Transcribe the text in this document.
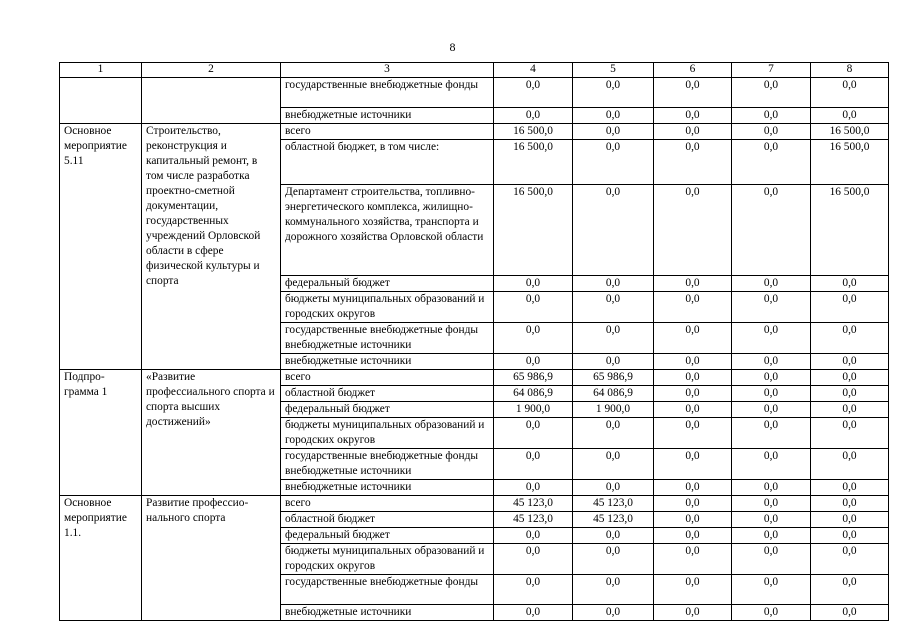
8
1	2	3	4	5	6	7	8
		государственные внебюджетные фонды	0,0	0,0	0,0	0,0	0,0
		внебюджетные источники	0,0	0,0	0,0	0,0	0,0
Основное мероприятие 5.11	Строительство, реконструкция и капитальный ремонт, в том числе разработка проектно-сметной документации, государственных учреждений Орловской области в сфере физической культуры и спорта	всего	16 500,0	0,0	0,0	0,0	16 500,0
		областной бюджет, в том числе:	16 500,0	0,0	0,0	0,0	16 500,0
		Департамент строительства, топливно-энергетического комплекса, жилищно-коммунального хозяйства, транспорта и дорожного хозяйства Орловской области	16 500,0	0,0	0,0	0,0	16 500,0
		федеральный бюджет	0,0	0,0	0,0	0,0	0,0
		бюджеты муниципальных образований и городских округов	0,0	0,0	0,0	0,0	0,0
		государственные внебюджетные фонды внебюджетные источники	0,0	0,0	0,0	0,0	0,0
		внебюджетные источники	0,0	0,0	0,0	0,0	0,0
Подпро-грамма 1	«Развитие профессиального спорта и спорта высших достижений»	всего	65 986,9	65 986,9	0,0	0,0	0,0
		областной бюджет	64 086,9	64 086,9	0,0	0,0	0,0
		федеральный бюджет	1 900,0	1 900,0	0,0	0,0	0,0
		бюджеты муниципальных образований и городских округов	0,0	0,0	0,0	0,0	0,0
		государственные внебюджетные фонды внебюджетные источники	0,0	0,0	0,0	0,0	0,0
		внебюджетные источники	0,0	0,0	0,0	0,0	0,0
Основное мероприятие 1.1.	Развитие профессио-нального спорта	всего	45 123,0	45 123,0	0,0	0,0	0,0
		областной бюджет	45 123,0	45 123,0	0,0	0,0	0,0
		федеральный бюджет	0,0	0,0	0,0	0,0	0,0
		бюджеты муниципальных образований и городских округов	0,0	0,0	0,0	0,0	0,0
		государственные внебюджетные фонды	0,0	0,0	0,0	0,0	0,0
		внебюджетные источники	0,0	0,0	0,0	0,0	0,0
